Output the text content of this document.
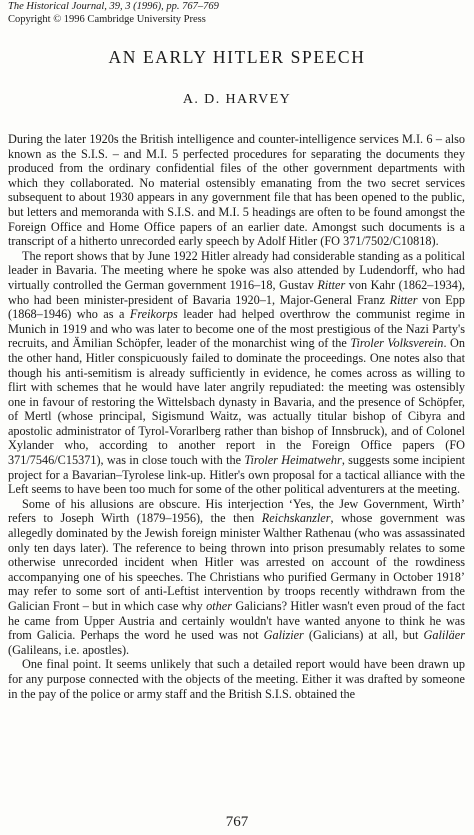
The Historical Journal, 39, 3 (1996), pp. 767–769
Copyright © 1996 Cambridge University Press
AN EARLY HITLER SPEECH
A. D. HARVEY

During the later 1920s the British intelligence and counter-intelligence services M.I. 6 – also known as the S.I.S. – and M.I. 5 perfected procedures for separating the documents they produced from the ordinary confidential files of the other government departments with which they collaborated. No material ostensibly emanating from the two secret services subsequent to about 1930 appears in any government file that has been opened to the public, but letters and memoranda with S.I.S. and M.I. 5 headings are often to be found amongst the Foreign Office and Home Office papers of an earlier date. Amongst such documents is a transcript of a hitherto unrecorded early speech by Adolf Hitler (FO 371/7502/C10818).

The report shows that by June 1922 Hitler already had considerable standing as a political leader in Bavaria. The meeting where he spoke was also attended by Ludendorff, who had virtually controlled the German government 1916–18, Gustav Ritter von Kahr (1862–1934), who had been minister-president of Bavaria 1920–1, Major-General Franz Ritter von Epp (1868–1946) who as a Freikorps leader had helped overthrow the communist regime in Munich in 1919 and who was later to become one of the most prestigious of the Nazi Party's recruits, and Ämilian Schöpfer, leader of the monarchist wing of the Tiroler Volksverein. On the other hand, Hitler conspicuously failed to dominate the proceedings. One notes also that though his anti-semitism is already sufficiently in evidence, he comes across as willing to flirt with schemes that he would have later angrily repudiated: the meeting was ostensibly one in favour of restoring the Wittelsbach dynasty in Bavaria, and the presence of Schöpfer, of Mertl (whose principal, Sigismund Waitz, was actually titular bishop of Cibyra and apostolic administrator of Tyrol-Vorarlberg rather than bishop of Innsbruck), and of Colonel Xylander who, according to another report in the Foreign Office papers (FO 371/7546/C15371), was in close touch with the Tiroler Heimatwehr, suggests some incipient project for a Bavarian–Tyrolese link-up. Hitler's own proposal for a tactical alliance with the Left seems to have been too much for some of the other political adventurers at the meeting.

Some of his allusions are obscure. His interjection ‘Yes, the Jew Government, Wirth’ refers to Joseph Wirth (1879–1956), the then Reichskanzler, whose government was allegedly dominated by the Jewish foreign minister Walther Rathenau (who was assassinated only ten days later). The reference to being thrown into prison presumably relates to some otherwise unrecorded incident when Hitler was arrested on account of the rowdiness accompanying one of his speeches. The Christians who purified Germany in October 1918’ may refer to some sort of anti-Leftist intervention by troops recently withdrawn from the Galician Front – but in which case why other Galicians? Hitler wasn't even proud of the fact he came from Upper Austria and certainly wouldn't have wanted anyone to think he was from Galicia. Perhaps the word he used was not Galizier (Galicians) at all, but Galiläer (Galileans, i.e. apostles).

One final point. It seems unlikely that such a detailed report would have been drawn up for any purpose connected with the objects of the meeting. Either it was drafted by someone in the pay of the police or army staff and the British S.I.S. obtained the

767
